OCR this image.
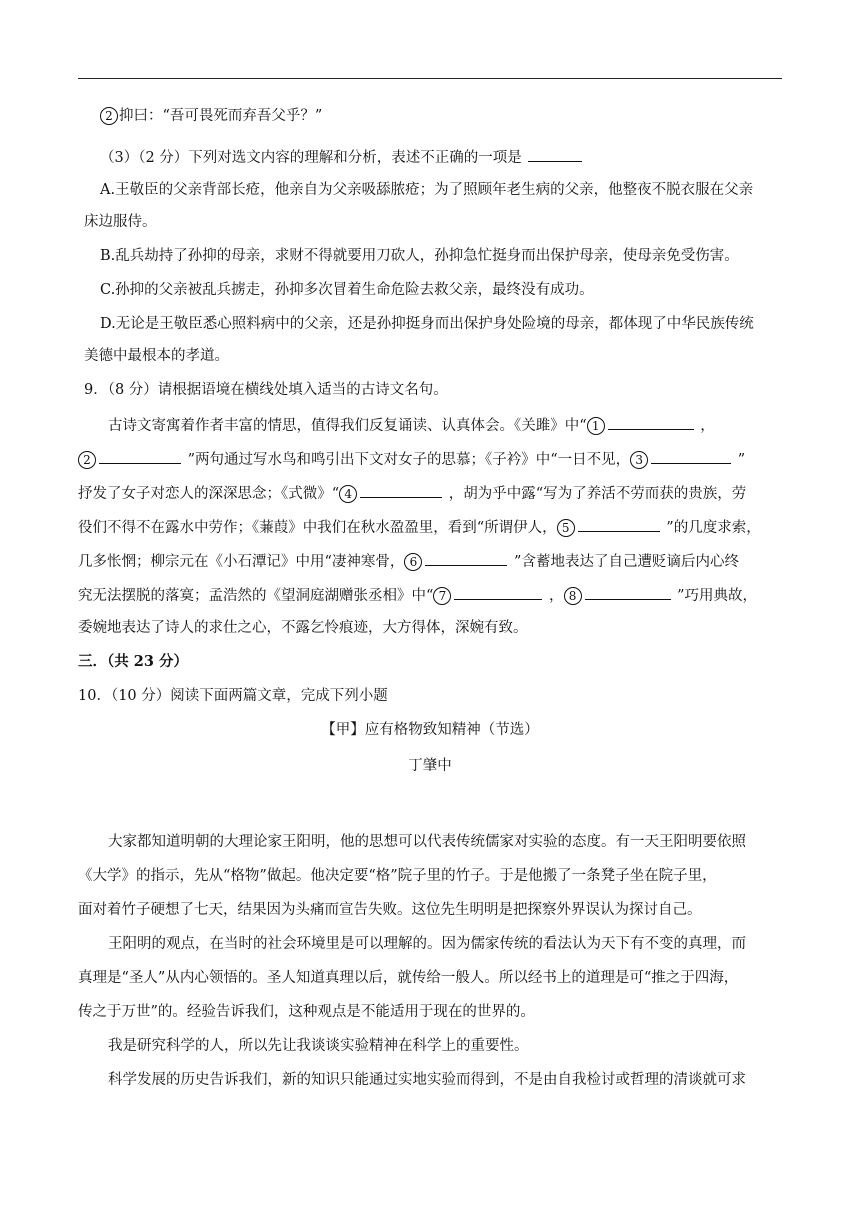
2 抑曰：“吾可畏死而弃吾父乎？”
（3）（2 分）下列对选文内容的理解和分析，表述不正确的一项是
A.王敬臣的父亲背部长疮，他亲自为父亲吸舔脓疮；为了照顾年老生病的父亲，他整夜不脱衣服在父亲
床边服侍。
B.乱兵劫持了孙抑的母亲，求财不得就要用刀砍人，孙抑急忙挺身而出保护母亲，使母亲免受伤害。
C.孙抑的父亲被乱兵掳走，孙抑多次冒着生命危险去救父亲，最终没有成功。
D.无论是王敬臣悉心照料病中的父亲，还是孙抑挺身而出保护身处险境的母亲，都体现了中华民族传统
美德中最根本的孝道。
9．（8 分）请根据语境在横线处填入适当的古诗文名句。
古诗文寄寓着作者丰富的情思，值得我们反复诵读、认真体会。《关雎》中“ 1	，
2	”两句通过写水鸟和鸣引出下文对女子的思慕；《子衿》中“一日不见， 3	”
抒发了女子对恋人的深深思念；《式微》“ 4	，胡为乎中露“写为了养活不劳而获的贵族，劳
役们不得不在露水中劳作；《蒹葭》中我们在秋水盈盈里，看到“所谓伊人， 5	”的几度求索，
几多怅惘；柳宗元在《小石潭记》中用“凄神寒骨， 6	”含蓄地表达了自己遭贬谪后内心终
究无法摆脱的落寞；孟浩然的《望洞庭湖赠张丞相》中“ 7	， 8	”巧用典故，
委婉地表达了诗人的求仕之心，不露乞怜痕迹，大方得体，深婉有致。
三．（共 23 分）
10．（10 分）阅读下面两篇文章，完成下列小题
【甲】应有格物致知精神（节选）
丁肇中
大家都知道明朝的大理论家王阳明，他的思想可以代表传统儒家对实验的态度。有一天王阳明要依照
《大学》的指示，先从“格物”做起。他决定要“格”院子里的竹子。于是他搬了一条凳子坐在院子里，
面对着竹子硬想了七天，结果因为头痛而宣告失败。这位先生明明是把探察外界误认为探讨自己。
王阳明的观点，在当时的社会环境里是可以理解的。因为儒家传统的看法认为天下有不变的真理，而
真理是“圣人”从内心领悟的。圣人知道真理以后，就传给一般人。所以经书上的道理是可“推之于四海，
传之于万世”的。经验告诉我们，这种观点是不能适用于现在的世界的。
我是研究科学的人，所以先让我谈谈实验精神在科学上的重要性。
科学发展的历史告诉我们，新的知识只能通过实地实验而得到，不是由自我检讨或哲理的清谈就可求
